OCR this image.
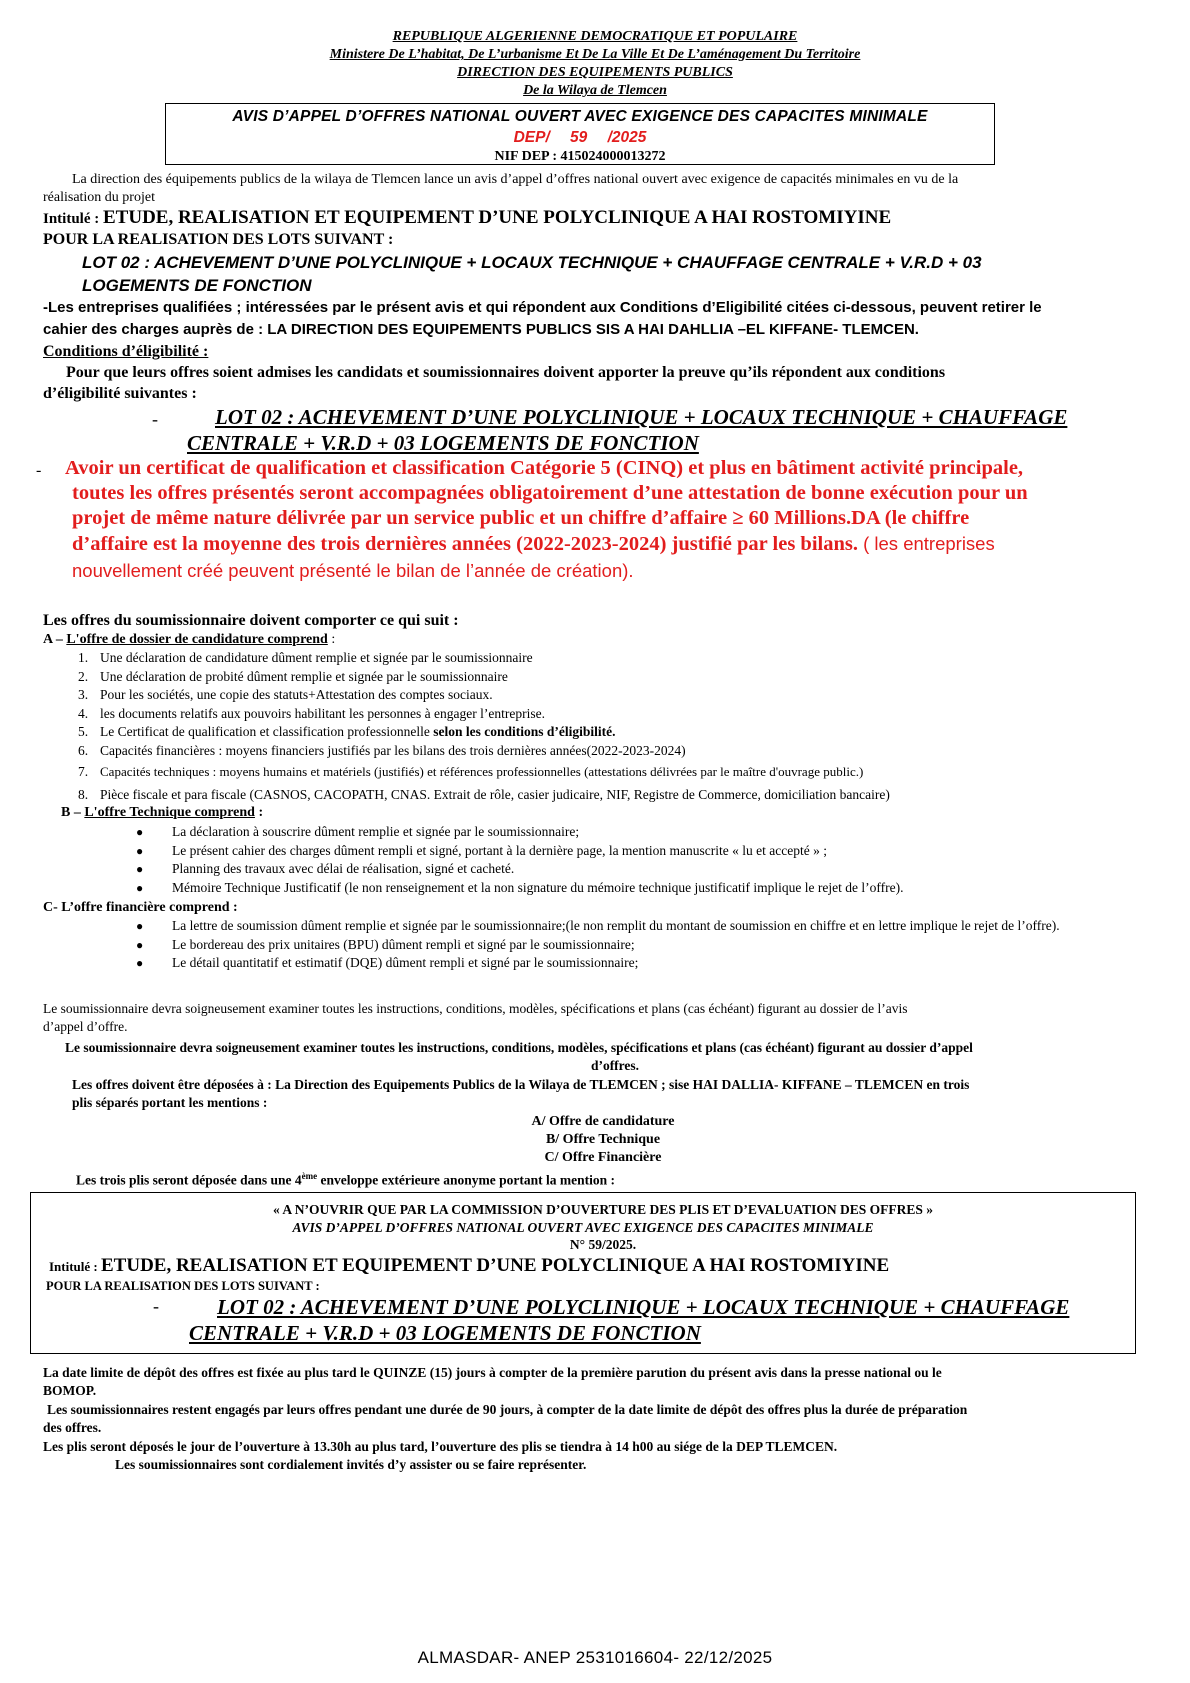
REPUBLIQUE ALGERIENNE DEMOCRATIQUE ET POPULAIRE
Ministere De L’habitat, De L’urbanisme Et De La Ville Et De L’aménagement Du Territoire
DIRECTION DES EQUIPEMENTS PUBLICS
De la Wilaya de Tlemcen
AVIS D’APPEL D’OFFRES NATIONAL OUVERT AVEC EXIGENCE DES CAPACITES MINIMALE
DEP/ 59 /2025
NIF DEP : 415024000013272
La direction des équipements publics de la wilaya de Tlemcen lance un avis d’appel d’offres national ouvert avec exigence de capacités minimales en vu de la
réalisation du projet
Intitulé : ETUDE, REALISATION ET EQUIPEMENT D’UNE POLYCLINIQUE A HAI ROSTOMIYINE
POUR LA REALISATION DES LOTS SUIVANT :
LOT 02 : ACHEVEMENT D’UNE POLYCLINIQUE + LOCAUX TECHNIQUE + CHAUFFAGE CENTRALE + V.R.D + 03
LOGEMENTS DE FONCTION
-Les entreprises qualifiées ; intéressées par le présent avis et qui répondent aux Conditions d’Eligibilité citées ci-dessous, peuvent retirer le
cahier des charges auprès de : LA DIRECTION DES EQUIPEMENTS PUBLICS SIS A HAI DAHLLIA –EL KIFFANE- TLEMCEN.
Conditions d’éligibilité :
Pour que leurs offres soient admises les candidats et soumissionnaires doivent apporter la preuve qu’ils répondent aux conditions
d’éligibilité suivantes :
-	LOT 02 : ACHEVEMENT D’UNE POLYCLINIQUE + LOCAUX TECHNIQUE + CHAUFFAGE
CENTRALE + V.R.D + 03 LOGEMENTS DE FONCTION
- Avoir un certificat de qualification et classification Catégorie 5 (CINQ) et plus en bâtiment activité principale,
toutes les offres présentés seront accompagnées obligatoirement d’une attestation de bonne exécution pour un
projet de même nature délivrée par un service public et un chiffre d’affaire ≥ 60 Millions.DA (le chiffre
d’affaire est la moyenne des trois dernières années (2022-2023-2024) justifié par les bilans. ( les entreprises
nouvellement créé peuvent présenté le bilan de l’année de création).
Les offres du soumissionnaire doivent comporter ce qui suit :
A – L'offre de dossier de candidature comprend :
1. Une déclaration de candidature dûment remplie et signée par le soumissionnaire
2. Une déclaration de probité dûment remplie et signée par le soumissionnaire
3. Pour les sociétés, une copie des statuts+Attestation des comptes sociaux.
4. les documents relatifs aux pouvoirs habilitant les personnes à engager l’entreprise.
5. Le Certificat de qualification et classification professionnelle selon les conditions d’éligibilité.
6. Capacités financières : moyens financiers justifiés par les bilans des trois dernières années(2022-2023-2024)
7. Capacités techniques : moyens humains et matériels (justifiés) et références professionnelles (attestations délivrées par le maître d'ouvrage public.)
8. Pièce fiscale et para fiscale (CASNOS, CACOPATH, CNAS. Extrait de rôle, casier judicaire, NIF, Registre de Commerce, domiciliation bancaire)
B – L'offre Technique comprend :
● La déclaration à souscrire dûment remplie et signée par le soumissionnaire;
● Le présent cahier des charges dûment rempli et signé, portant à la dernière page, la mention manuscrite « lu et accepté » ;
● Planning des travaux avec délai de réalisation, signé et cacheté.
● Mémoire Technique Justificatif (le non renseignement et la non signature du mémoire technique justificatif implique le rejet de l’offre).
C- L’offre financière comprend :
● La lettre de soumission dûment remplie et signée par le soumissionnaire;(le non remplit du montant de soumission en chiffre et en lettre implique le rejet de l’offre).
● Le bordereau des prix unitaires (BPU) dûment rempli et signé par le soumissionnaire;
● Le détail quantitatif et estimatif (DQE) dûment rempli et signé par le soumissionnaire;
Le soumissionnaire devra soigneusement examiner toutes les instructions, conditions, modèles, spécifications et plans (cas échéant) figurant au dossier de l’avis
d’appel d’offre.
Le soumissionnaire devra soigneusement examiner toutes les instructions, conditions, modèles, spécifications et plans (cas échéant) figurant au dossier d’appel
d’offres.
Les offres doivent être déposées à : La Direction des Equipements Publics de la Wilaya de TLEMCEN ; sise HAI DALLIA- KIFFANE – TLEMCEN en trois
plis séparés portant les mentions :
A/ Offre de candidature
B/ Offre Technique
C/ Offre Financière
Les trois plis seront déposée dans une 4ème enveloppe extérieure anonyme portant la mention :
« A N’OUVRIR QUE PAR LA COMMISSION D’OUVERTURE DES PLIS ET D’EVALUATION DES OFFRES »
AVIS D’APPEL D’OFFRES NATIONAL OUVERT AVEC EXIGENCE DES CAPACITES MINIMALE
N° 59/2025.
Intitulé : ETUDE, REALISATION ET EQUIPEMENT D’UNE POLYCLINIQUE A HAI ROSTOMIYINE
POUR LA REALISATION DES LOTS SUIVANT :
-	LOT 02 : ACHEVEMENT D’UNE POLYCLINIQUE + LOCAUX TECHNIQUE + CHAUFFAGE
CENTRALE + V.R.D + 03 LOGEMENTS DE FONCTION
La date limite de dépôt des offres est fixée au plus tard le QUINZE (15) jours à compter de la première parution du présent avis dans la presse national ou le
BOMOP.
Les soumissionnaires restent engagés par leurs offres pendant une durée de 90 jours, à compter de la date limite de dépôt des offres plus la durée de préparation
des offres.
Les plis seront déposés le jour de l’ouverture à 13.30h au plus tard, l’ouverture des plis se tiendra à 14 h00 au siége de la DEP TLEMCEN.
Les soumissionnaires sont cordialement invités d’y assister ou se faire représenter.
ALMASDAR- ANEP 2531016604- 22/12/2025
